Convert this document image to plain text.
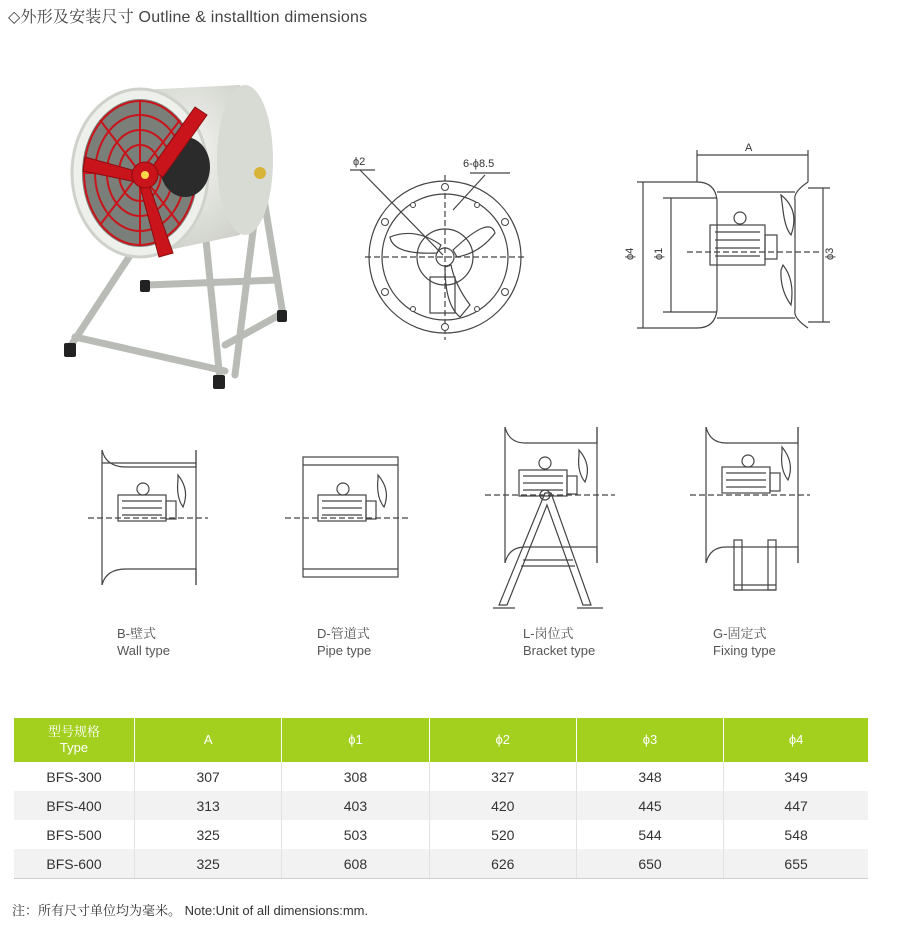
◇外形及安装尺寸 Outline & installtion dimensions
ϕ2	6-ϕ8.5
A
ϕ4 ϕ1	ϕ3
B-壁式
Wall type
D-管道式
Pipe type
L-岗位式
Bracket type
G-固定式
Fixing type
型号规格
Type	A	ϕ1	ϕ2	ϕ3	ϕ4
BFS-300	307	308	327	348	349
BFS-400	313	403	420	445	447
BFS-500	325	503	520	544	548
BFS-600	325	608	626	650	655
注：所有尺寸单位均为毫米。 Note:Unit of all dimensions:mm.
